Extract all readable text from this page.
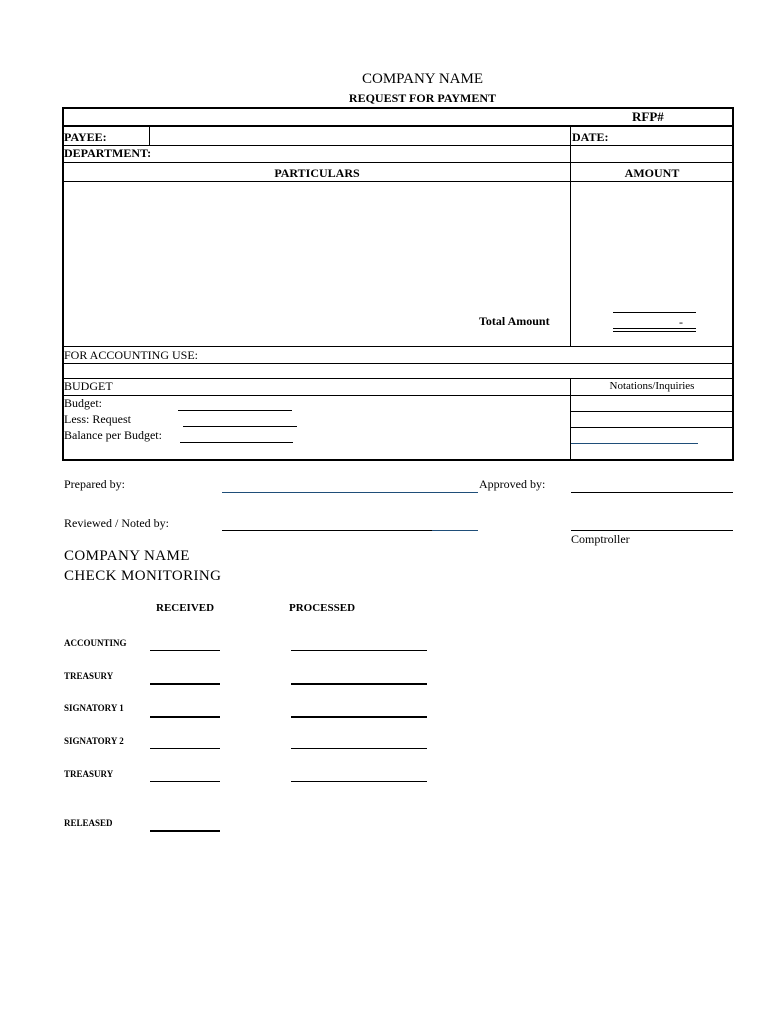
COMPANY NAME
REQUEST FOR PAYMENT
RFP#
PAYEE:	DATE:
DEPARTMENT:
PARTICULARS	AMOUNT
Total Amount	-
FOR ACCOUNTING USE:
BUDGET	Notations/Inquiries
Budget:
Less: Request
Balance per Budget:
Prepared by:	Approved by:
Reviewed / Noted by:
Comptroller
COMPANY NAME
CHECK MONITORING
RECEIVED	PROCESSED
ACCOUNTING
TREASURY
SIGNATORY 1
SIGNATORY 2
TREASURY
RELEASED
